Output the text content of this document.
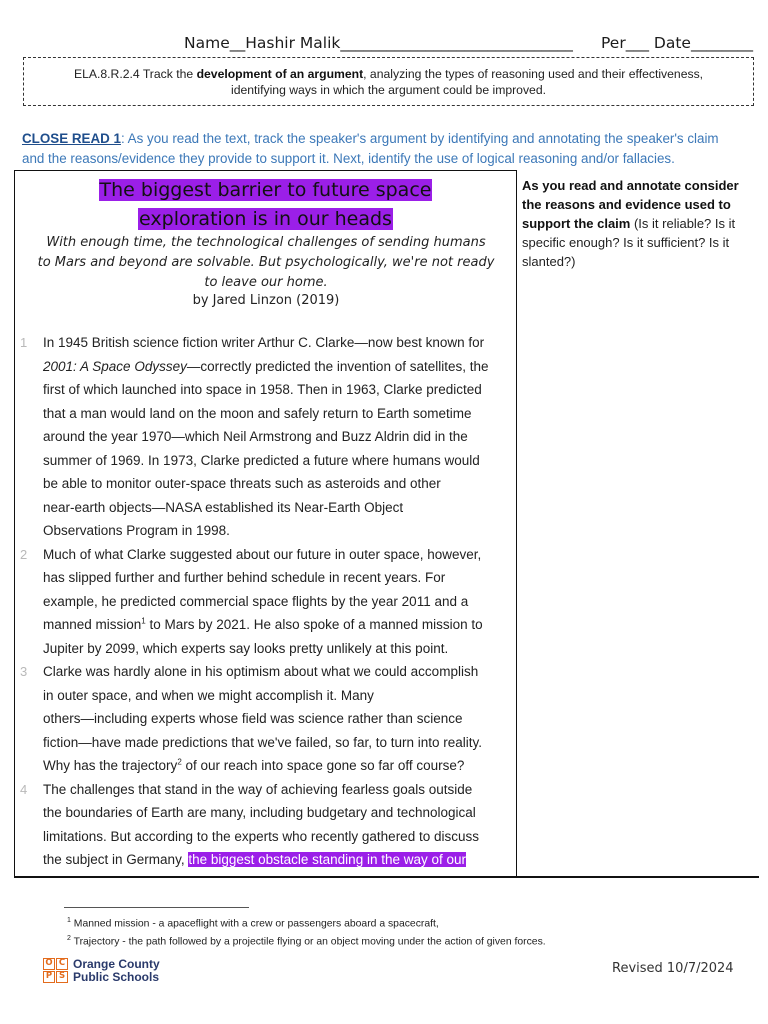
Name__Hashir Malik______________________________ Per___ Date________
ELA.8.R.2.4 Track the development of an argument, analyzing the types of reasoning used and their effectiveness,
identifying ways in which the argument could be improved.
CLOSE READ 1: As you read the text, track the speaker's argument by identifying and annotating the speaker's claim
and the reasons/evidence they provide to support it. Next, identify the use of logical reasoning and/or fallacies.
The biggest barrier to future space
exploration is in our heads
With enough time, the technological challenges of sending humans
to Mars and beyond are solvable. But psychologically, we're not ready
to leave our home.
by Jared Linzon (2019)
1 In 1945 British science fiction writer Arthur C. Clarke—now best known for
2001: A Space Odyssey—correctly predicted the invention of satellites, the
first of which launched into space in 1958. Then in 1963, Clarke predicted
that a man would land on the moon and safely return to Earth sometime
around the year 1970—which Neil Armstrong and Buzz Aldrin did in the
summer of 1969. In 1973, Clarke predicted a future where humans would
be able to monitor outer-space threats such as asteroids and other
near-earth objects—NASA established its Near-Earth Object
Observations Program in 1998.
2 Much of what Clarke suggested about our future in outer space, however,
has slipped further and further behind schedule in recent years. For
example, he predicted commercial space flights by the year 2011 and a
manned mission$^1$ to Mars by 2021. He also spoke of a manned mission to
Jupiter by 2099, which experts say looks pretty unlikely at this point.
3 Clarke was hardly alone in his optimism about what we could accomplish
in outer space, and when we might accomplish it. Many
others—including experts whose field was science rather than science
fiction—have made predictions that we've failed, so far, to turn into reality.
Why has the trajectory$^2$ of our reach into space gone so far off course?
4 The challenges that stand in the way of achieving fearless goals outside
the boundaries of Earth are many, including budgetary and technological
limitations. But according to the experts who recently gathered to discuss
the subject in Germany, the biggest obstacle standing in the way of our
As you read and annotate consider the reasons and evidence used to support the claim (Is it reliable? Is it specific enough? Is it sufficient? Is it slanted?)
$^1$ Manned mission - a apaceflight with a crew or passengers aboard a spacecraft,
$^2$ Trajectory - the path followed by a projectile flying or an object moving under the action of given forces.
O C
P S
Orange County
Public Schools
Revised 10/7/2024
